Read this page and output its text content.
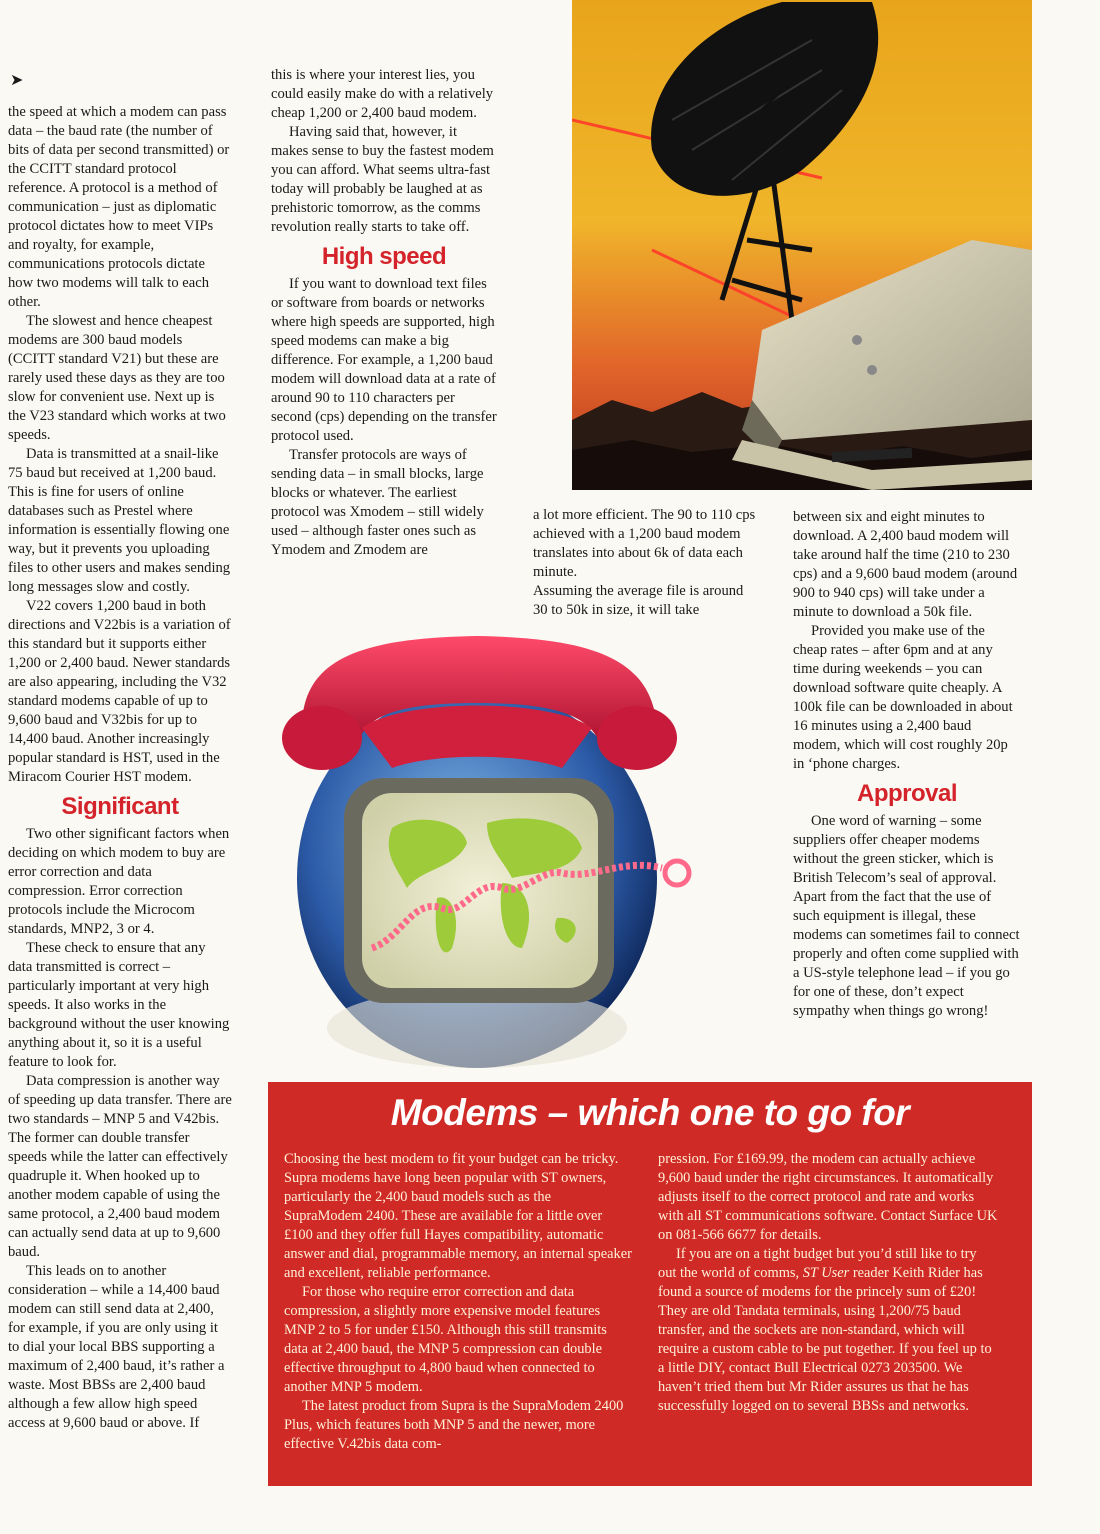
➤

the speed at which a modem can pass data – the baud rate (the number of bits of data per second transmitted) or the CCITT standard protocol reference. A protocol is a method of communication – just as diplomatic protocol dictates how to meet VIPs and royalty, for example, communications protocols dictate how two modems will talk to each other.

The slowest and hence cheapest modems are 300 baud models (CCITT standard V21) but these are rarely used these days as they are too slow for convenient use. Next up is the V23 standard which works at two speeds.

Data is transmitted at a snail-like 75 baud but received at 1,200 baud. This is fine for users of online databases such as Prestel where information is essentially flowing one way, but it prevents you uploading files to other users and makes sending long messages slow and costly.

V22 covers 1,200 baud in both directions and V22bis is a variation of this standard but it supports either 1,200 or 2,400 baud. Newer standards are also appearing, including the V32 standard modems capable of up to 9,600 baud and V32bis for up to 14,400 baud. Another increasingly popular standard is HST, used in the Miracom Courier HST modem.

Significant

Two other significant factors when deciding on which modem to buy are error correction and data compression. Error correction protocols include the Microcom standards, MNP2, 3 or 4.

These check to ensure that any data transmitted is correct – particularly important at very high speeds. It also works in the background without the user knowing anything about it, so it is a useful feature to look for.

Data compression is another way of speeding up data transfer. There are two standards – MNP 5 and V42bis. The former can double transfer speeds while the latter can effectively quadruple it. When hooked up to another modem capable of using the same protocol, a 2,400 baud modem can actually send data at up to 9,600 baud.

This leads on to another consideration – while a 14,400 baud modem can still send data at 2,400, for example, if you are only using it to dial your local BBS supporting a maximum of 2,400 baud, it’s rather a waste. Most BBSs are 2,400 baud although a few allow high speed access at 9,600 baud or above. If

this is where your interest lies, you could easily make do with a relatively cheap 1,200 or 2,400 baud modem.

Having said that, however, it makes sense to buy the fastest modem you can afford. What seems ultra-fast today will probably be laughed at as prehistoric tomorrow, as the comms revolution really starts to take off.

High speed

If you want to download text files or software from boards or networks where high speeds are supported, high speed modems can make a big difference. For example, a 1,200 baud modem will download data at a rate of around 90 to 110 characters per second (cps) depending on the transfer protocol used.

Transfer protocols are ways of sending data – in small blocks, large blocks or whatever. The earliest protocol was Xmodem – still widely used – although faster ones such as Ymodem and Zmodem are

a lot more efficient. The 90 to 110 cps achieved with a 1,200 baud modem translates into about 6k of data each minute.

Assuming the average file is around 30 to 50k in size, it will take

between six and eight minutes to download. A 2,400 baud modem will take around half the time (210 to 230 cps) and a 9,600 baud modem (around 900 to 940 cps) will take under a minute to download a 50k file.

Provided you make use of the cheap rates – after 6pm and at any time during weekends – you can download software quite cheaply. A 100k file can be downloaded in about 16 minutes using a 2,400 baud modem, which will cost roughly 20p in ‘phone charges.

Approval

One word of warning – some suppliers offer cheaper modems without the green sticker, which is British Telecom’s seal of approval. Apart from the fact that the use of such equipment is illegal, these modems can sometimes fail to connect properly and often come supplied with a US-style telephone lead – if you go for one of these, don’t expect sympathy when things go wrong!

Modems – which one to go for

Choosing the best modem to fit your budget can be tricky. Supra modems have long been popular with ST owners, particularly the 2,400 baud models such as the SupraModem 2400. These are available for a little over £100 and they offer full Hayes compatibility, automatic answer and dial, programmable memory, an internal speaker and excellent, reliable performance.

For those who require error correction and data compression, a slightly more expensive model features MNP 2 to 5 for under £150. Although this still transmits data at 2,400 baud, the MNP 5 compression can double effective throughput to 4,800 baud when connected to another MNP 5 modem.

The latest product from Supra is the SupraModem 2400 Plus, which features both MNP 5 and the newer, more effective V.42bis data com-

pression. For £169.99, the modem can actually achieve 9,600 baud under the right circumstances. It automatically adjusts itself to the correct protocol and rate and works with all ST communications software. Contact Surface UK on 081-566 6677 for details.

If you are on a tight budget but you’d still like to try out the world of comms, ST User reader Keith Rider has found a source of modems for the princely sum of £20! They are old Tandata terminals, using 1,200/75 baud transfer, and the sockets are non-standard, which will require a custom cable to be put together. If you feel up to a little DIY, contact Bull Electrical 0273 203500. We haven’t tried them but Mr Rider assures us that he has successfully logged on to several BBSs and networks.
